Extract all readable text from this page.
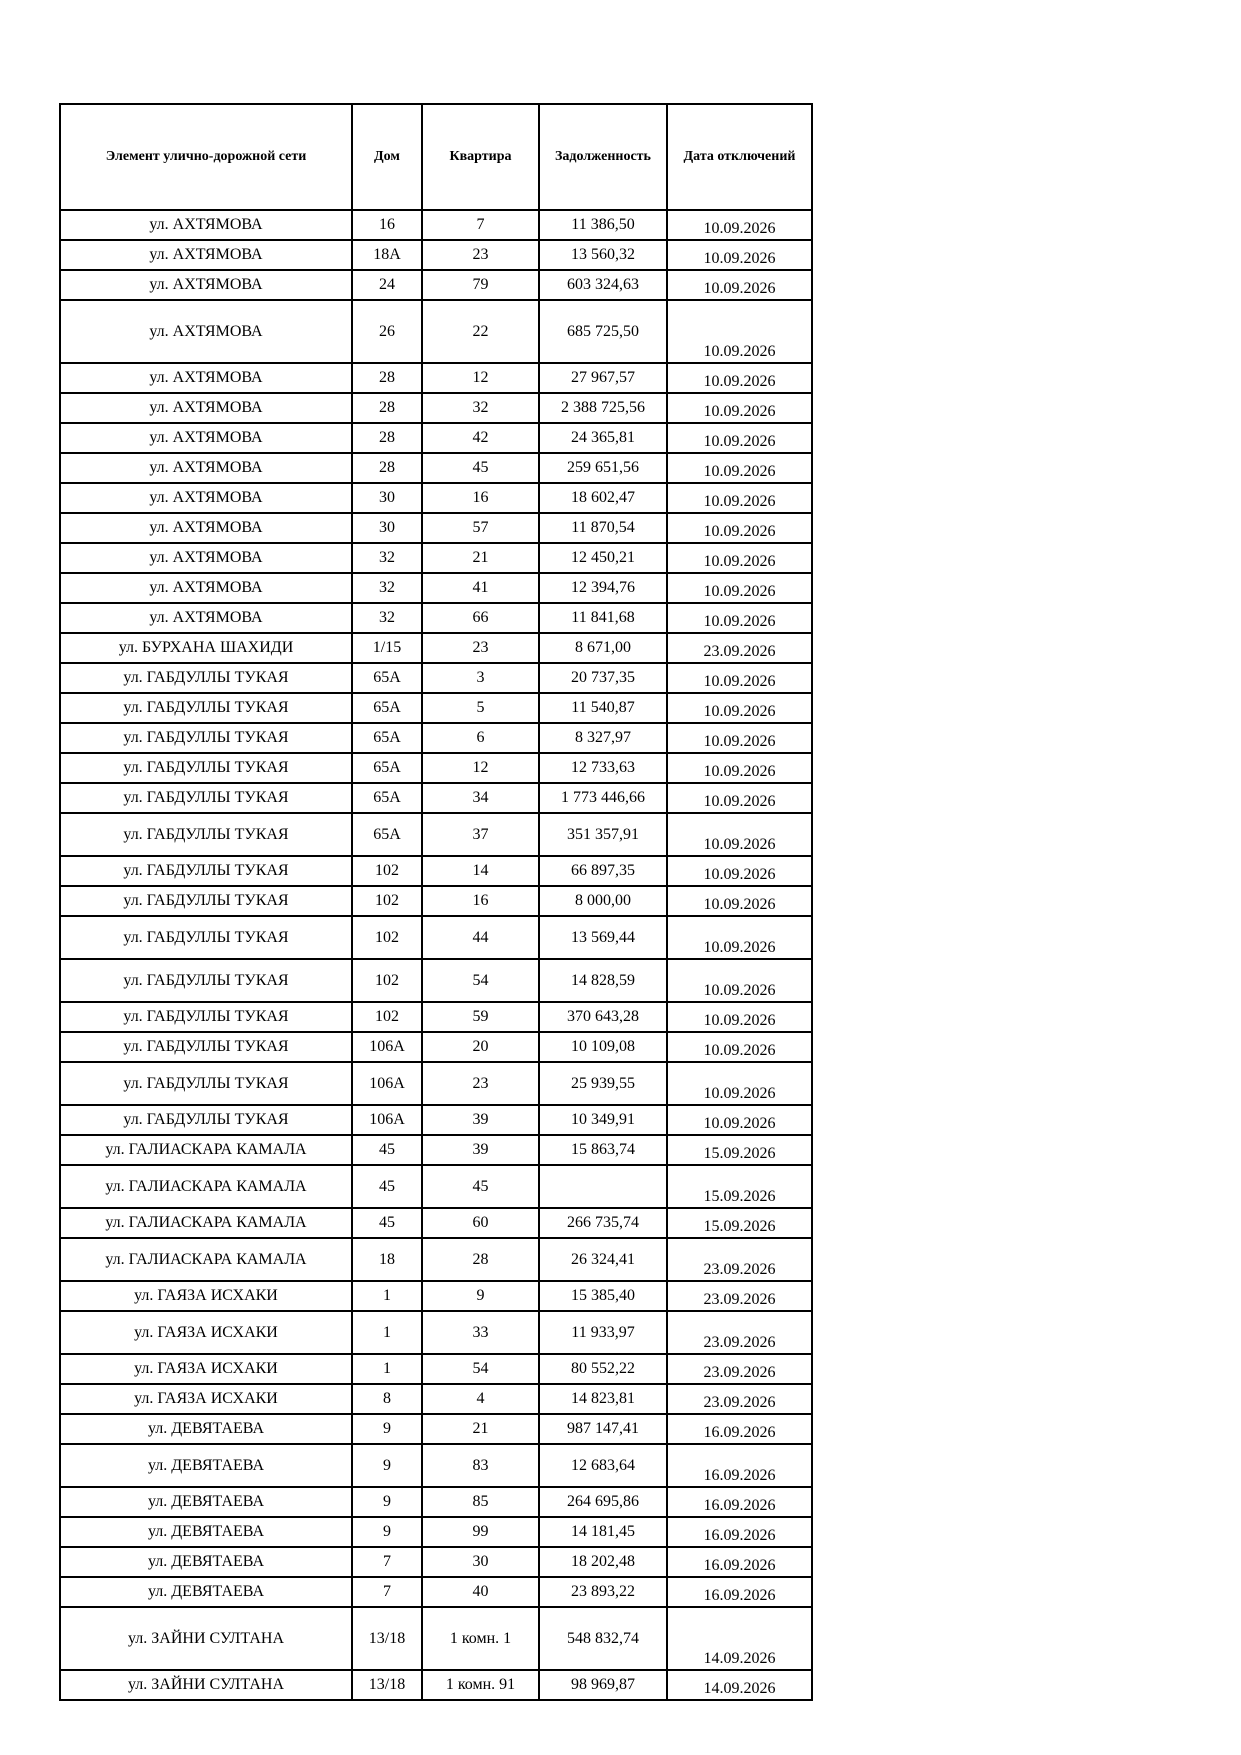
Элемент улично-дорожной сети	Дом	Квартира	Задолженность	Дата отключений
ул. АХТЯМОВА	16	7	11 386,50	10.09.2026
ул. АХТЯМОВА	18А	23	13 560,32	10.09.2026
ул. АХТЯМОВА	24	79	603 324,63	10.09.2026
ул. АХТЯМОВА	26	22	685 725,50	10.09.2026
ул. АХТЯМОВА	28	12	27 967,57	10.09.2026
ул. АХТЯМОВА	28	32	2 388 725,56	10.09.2026
ул. АХТЯМОВА	28	42	24 365,81	10.09.2026
ул. АХТЯМОВА	28	45	259 651,56	10.09.2026
ул. АХТЯМОВА	30	16	18 602,47	10.09.2026
ул. АХТЯМОВА	30	57	11 870,54	10.09.2026
ул. АХТЯМОВА	32	21	12 450,21	10.09.2026
ул. АХТЯМОВА	32	41	12 394,76	10.09.2026
ул. АХТЯМОВА	32	66	11 841,68	10.09.2026
ул. БУРХАНА ШАХИДИ	1/15	23	8 671,00	23.09.2026
ул. ГАБДУЛЛЫ ТУКАЯ	65А	3	20 737,35	10.09.2026
ул. ГАБДУЛЛЫ ТУКАЯ	65А	5	11 540,87	10.09.2026
ул. ГАБДУЛЛЫ ТУКАЯ	65А	6	8 327,97	10.09.2026
ул. ГАБДУЛЛЫ ТУКАЯ	65А	12	12 733,63	10.09.2026
ул. ГАБДУЛЛЫ ТУКАЯ	65А	34	1 773 446,66	10.09.2026
ул. ГАБДУЛЛЫ ТУКАЯ	65А	37	351 357,91	10.09.2026
ул. ГАБДУЛЛЫ ТУКАЯ	102	14	66 897,35	10.09.2026
ул. ГАБДУЛЛЫ ТУКАЯ	102	16	8 000,00	10.09.2026
ул. ГАБДУЛЛЫ ТУКАЯ	102	44	13 569,44	10.09.2026
ул. ГАБДУЛЛЫ ТУКАЯ	102	54	14 828,59	10.09.2026
ул. ГАБДУЛЛЫ ТУКАЯ	102	59	370 643,28	10.09.2026
ул. ГАБДУЛЛЫ ТУКАЯ	106А	20	10 109,08	10.09.2026
ул. ГАБДУЛЛЫ ТУКАЯ	106А	23	25 939,55	10.09.2026
ул. ГАБДУЛЛЫ ТУКАЯ	106А	39	10 349,91	10.09.2026
ул. ГАЛИАСКАРА КАМАЛА	45	39	15 863,74	15.09.2026
ул. ГАЛИАСКАРА КАМАЛА	45	45		15.09.2026
ул. ГАЛИАСКАРА КАМАЛА	45	60	266 735,74	15.09.2026
ул. ГАЛИАСКАРА КАМАЛА	18	28	26 324,41	23.09.2026
ул. ГАЯЗА ИСХАКИ	1	9	15 385,40	23.09.2026
ул. ГАЯЗА ИСХАКИ	1	33	11 933,97	23.09.2026
ул. ГАЯЗА ИСХАКИ	1	54	80 552,22	23.09.2026
ул. ГАЯЗА ИСХАКИ	8	4	14 823,81	23.09.2026
ул. ДЕВЯТАЕВА	9	21	987 147,41	16.09.2026
ул. ДЕВЯТАЕВА	9	83	12 683,64	16.09.2026
ул. ДЕВЯТАЕВА	9	85	264 695,86	16.09.2026
ул. ДЕВЯТАЕВА	9	99	14 181,45	16.09.2026
ул. ДЕВЯТАЕВА	7	30	18 202,48	16.09.2026
ул. ДЕВЯТАЕВА	7	40	23 893,22	16.09.2026
ул. ЗАЙНИ СУЛТАНА	13/18	1 комн. 1	548 832,74	14.09.2026
ул. ЗАЙНИ СУЛТАНА	13/18	1 комн. 91	98 969,87	14.09.2026
